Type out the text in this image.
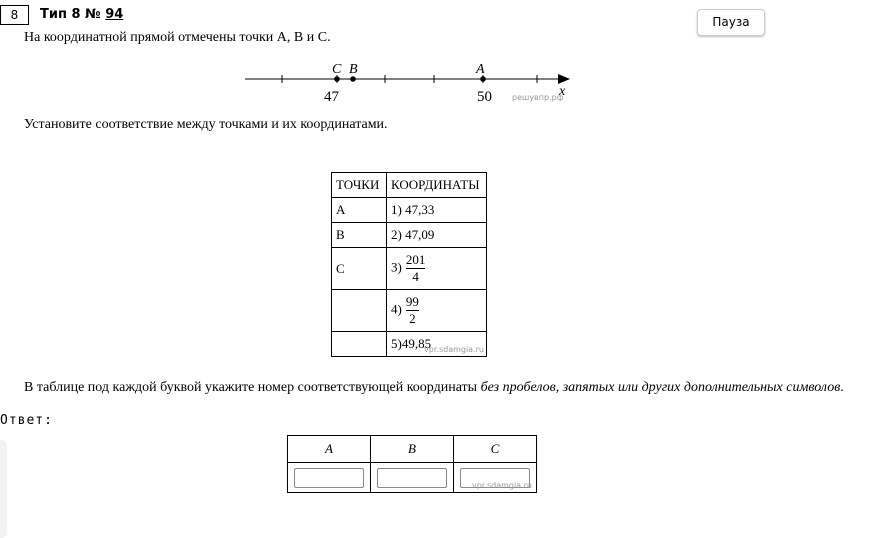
8	Тип 8 № 94	Пауза
На координатной прямой отмечены точки A, B и C.
C B	A
47	50	x
решувпр.рф
Установите соответствие между точками и их координатами.
ТОЧКИ	КООРДИНАТЫ
A	1) 47,33
B	2) 47,09
C	$3) \frac{201}{4}$

	$4) \frac{99}{2}$

	5)49,85
vpr.sdamgia.ru
В таблице под каждой буквой укажите номер соответствующей координаты без пробелов, запятых или других дополнительных символов.
Ответ:
A	B	C

vpr.sdamgia.ru
